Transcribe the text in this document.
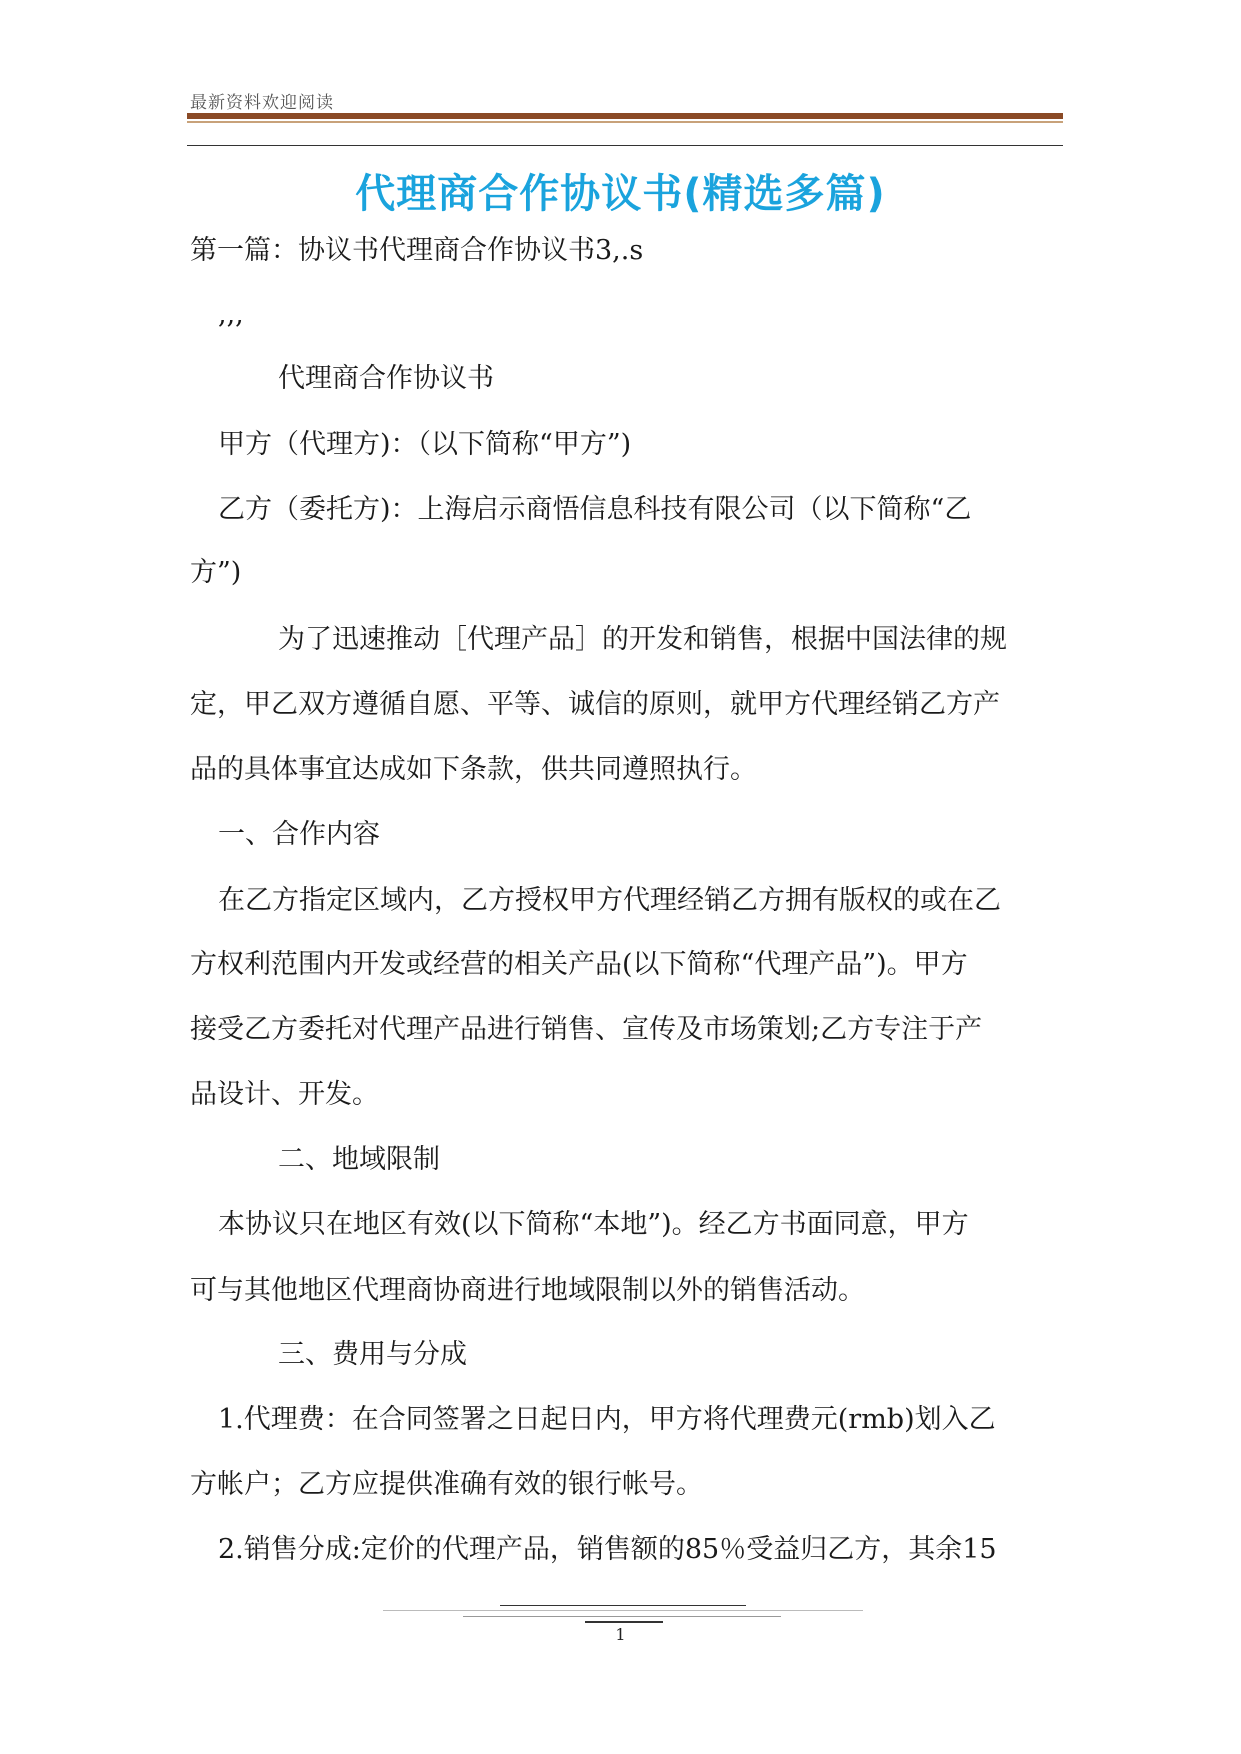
最新资料欢迎阅读
代理商合作协议书(精选多篇)
第一篇：协议书代理商合作协议书3,.s
,,,
代理商合作协议书
甲方（代理方)：（以下简称“甲方”)
乙方（委托方)：上海启示商悟信息科技有限公司（以下简称“乙
方”)
为了迅速推动［代理产品］的开发和销售，根据中国法律的规
定，甲乙双方遵循自愿、平等、诚信的原则，就甲方代理经销乙方产
品的具体事宜达成如下条款，供共同遵照执行。
一、合作内容
在乙方指定区域内，乙方授权甲方代理经销乙方拥有版权的或在乙
方权利范围内开发或经营的相关产品(以下简称“代理产品”)。甲方
接受乙方委托对代理产品进行销售、宣传及市场策划;乙方专注于产
品设计、开发。
二、地域限制
本协议只在地区有效(以下简称“本地”)。经乙方书面同意，甲方
可与其他地区代理商协商进行地域限制以外的销售活动。
三、费用与分成
1.代理费：在合同签署之日起日内，甲方将代理费元(rmb)划入乙
方帐户；乙方应提供准确有效的银行帐号。
2.销售分成:定价的代理产品，销售额的85％受益归乙方，其余15
1
